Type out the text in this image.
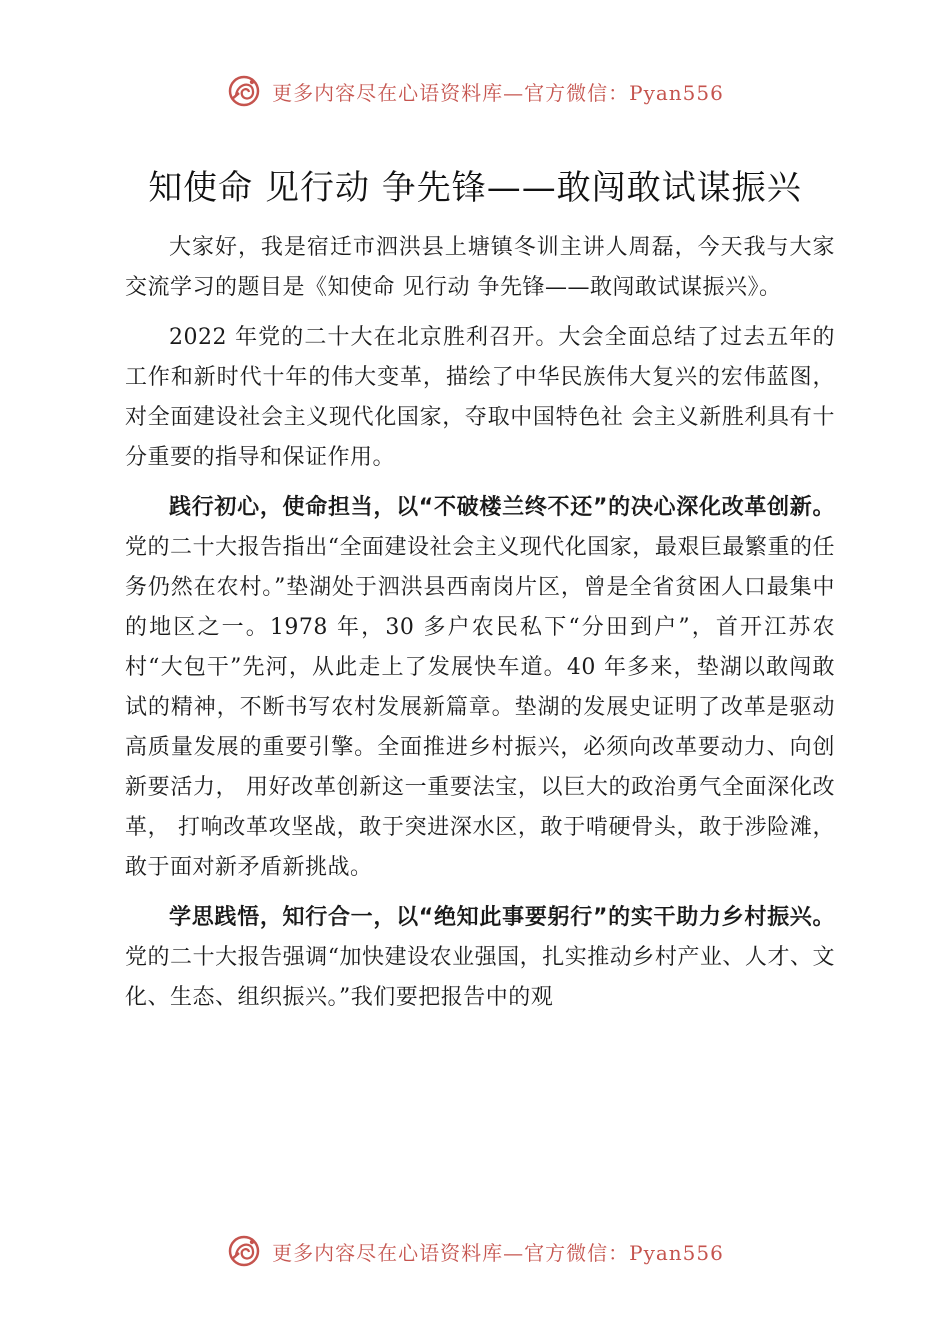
更多内容尽在心语资料库—官方微信：Pyan556
知使命 见行动 争先锋——敢闯敢试谋振兴

大家好，我是宿迁市泗洪县上塘镇冬训主讲人周磊，今天我与大家交流学习的题目是《知使命 见行动 争先锋——敢闯敢试谋振兴》。

2022 年党的二十大在北京胜利召开。大会全面总结了过去五年的工作和新时代十年的伟大变革，描绘了中华民族伟大复兴的宏伟蓝图，对全面建设社会主义现代化国家，夺取中国特色社 会主义新胜利具有十分重要的指导和保证作用。

践行初心，使命担当，以“不破楼兰终不还”的决心深化改革创新。党的二十大报告指出“全面建设社会主义现代化国家，最艰巨最繁重的任务仍然在农村。”垫湖处于泗洪县西南岗片区，曾是全省贫困人口最集中的地区之一。1978 年，30 多户农民私下“分田到户”，首开江苏农村“大包干”先河，从此走上了发展快车道。40 年多来，垫湖以敢闯敢试的精神，不断书写农村发展新篇章。垫湖的发展史证明了改革是驱动高质量发展的重要引擎。全面推进乡村振兴，必须向改革要动力、向创新要活力， 用好改革创新这一重要法宝，以巨大的政治勇气全面深化改革， 打响改革攻坚战，敢于突进深水区，敢于啃硬骨头，敢于涉险滩， 敢于面对新矛盾新挑战。

学思践悟，知行合一，以“绝知此事要躬行”的实干助力乡村振兴。党的二十大报告强调“加快建设农业强国，扎实推动乡村产业、人才、文化、生态、组织振兴。”我们要把报告中的观

更多内容尽在心语资料库—官方微信：Pyan556
